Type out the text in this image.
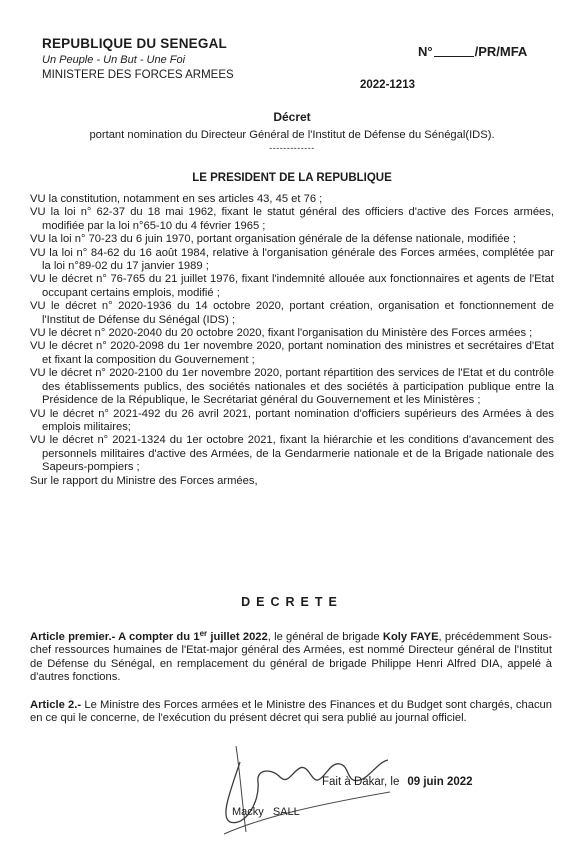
REPUBLIQUE DU SENEGAL
Un Peuple - Un But - Une Foi
MINISTERE DES FORCES ARMEES
N°	/PR/MFA
2022-1213
Décret
portant nomination du Directeur Général de l'Institut de Défense du Sénégal(IDS).
-------------
LE PRESIDENT DE LA REPUBLIQUE
VU la constitution, notamment en ses articles 43, 45 et 76 ;
VU la loi n° 62-37 du 18 mai 1962, fixant le statut général des officiers d'active des Forces armées, modifiée par la loi n°65-10 du 4 février 1965 ;
VU la loi n° 70-23 du 6 juin 1970, portant organisation générale de la défense nationale, modifiée ;
VU la loi n° 84-62 du 16 août 1984, relative à l'organisation générale des Forces armées, complétée par la loi n°89-02 du 17 janvier 1989 ;
VU le décret n° 76-765 du 21 juillet 1976, fixant l'indemnité allouée aux fonctionnaires et agents de l'Etat occupant certains emplois, modifié ;
VU le décret n° 2020-1936 du 14 octobre 2020, portant création, organisation et fonctionnement de l'Institut de Défense du Sénégal (IDS) ;
VU le décret n° 2020-2040 du 20 octobre 2020, fixant l'organisation du Ministère des Forces armées ;
VU le décret n° 2020-2098 du 1er novembre 2020, portant nomination des ministres et secrétaires d'Etat et fixant la composition du Gouvernement ;
VU le décret n° 2020-2100 du 1er novembre 2020, portant répartition des services de l'Etat et du contrôle des établissements publics, des sociétés nationales et des sociétés à participation publique entre la Présidence de la République, le Secrétariat général du Gouvernement et les Ministères ;
VU le décret n° 2021-492 du 26 avril 2021, portant nomination d'officiers supérieurs des Armées à des emplois militaires;
VU le décret n° 2021-1324 du 1er octobre 2021, fixant la hiérarchie et les conditions d'avancement des personnels militaires d'active des Armées, de la Gendarmerie nationale et de la Brigade nationale des Sapeurs-pompiers ;
Sur le rapport du Ministre des Forces armées,
DECRETE
Article premier.- A compter du 1er juillet 2022, le général de brigade Koly FAYE, précédemment Sous-chef ressources humaines de l'Etat-major général des Armées, est nommé Directeur général de l'Institut de Défense du Sénégal, en remplacement du général de brigade Philippe Henri Alfred DIA, appelé à d'autres fonctions.
Article 2.- Le Ministre des Forces armées et le Ministre des Finances et du Budget sont chargés, chacun en ce qui le concerne, de l'exécution du présent décret qui sera publié au journal officiel.
Fait à Dakar, le 09 juin 2022
Macky SALL
